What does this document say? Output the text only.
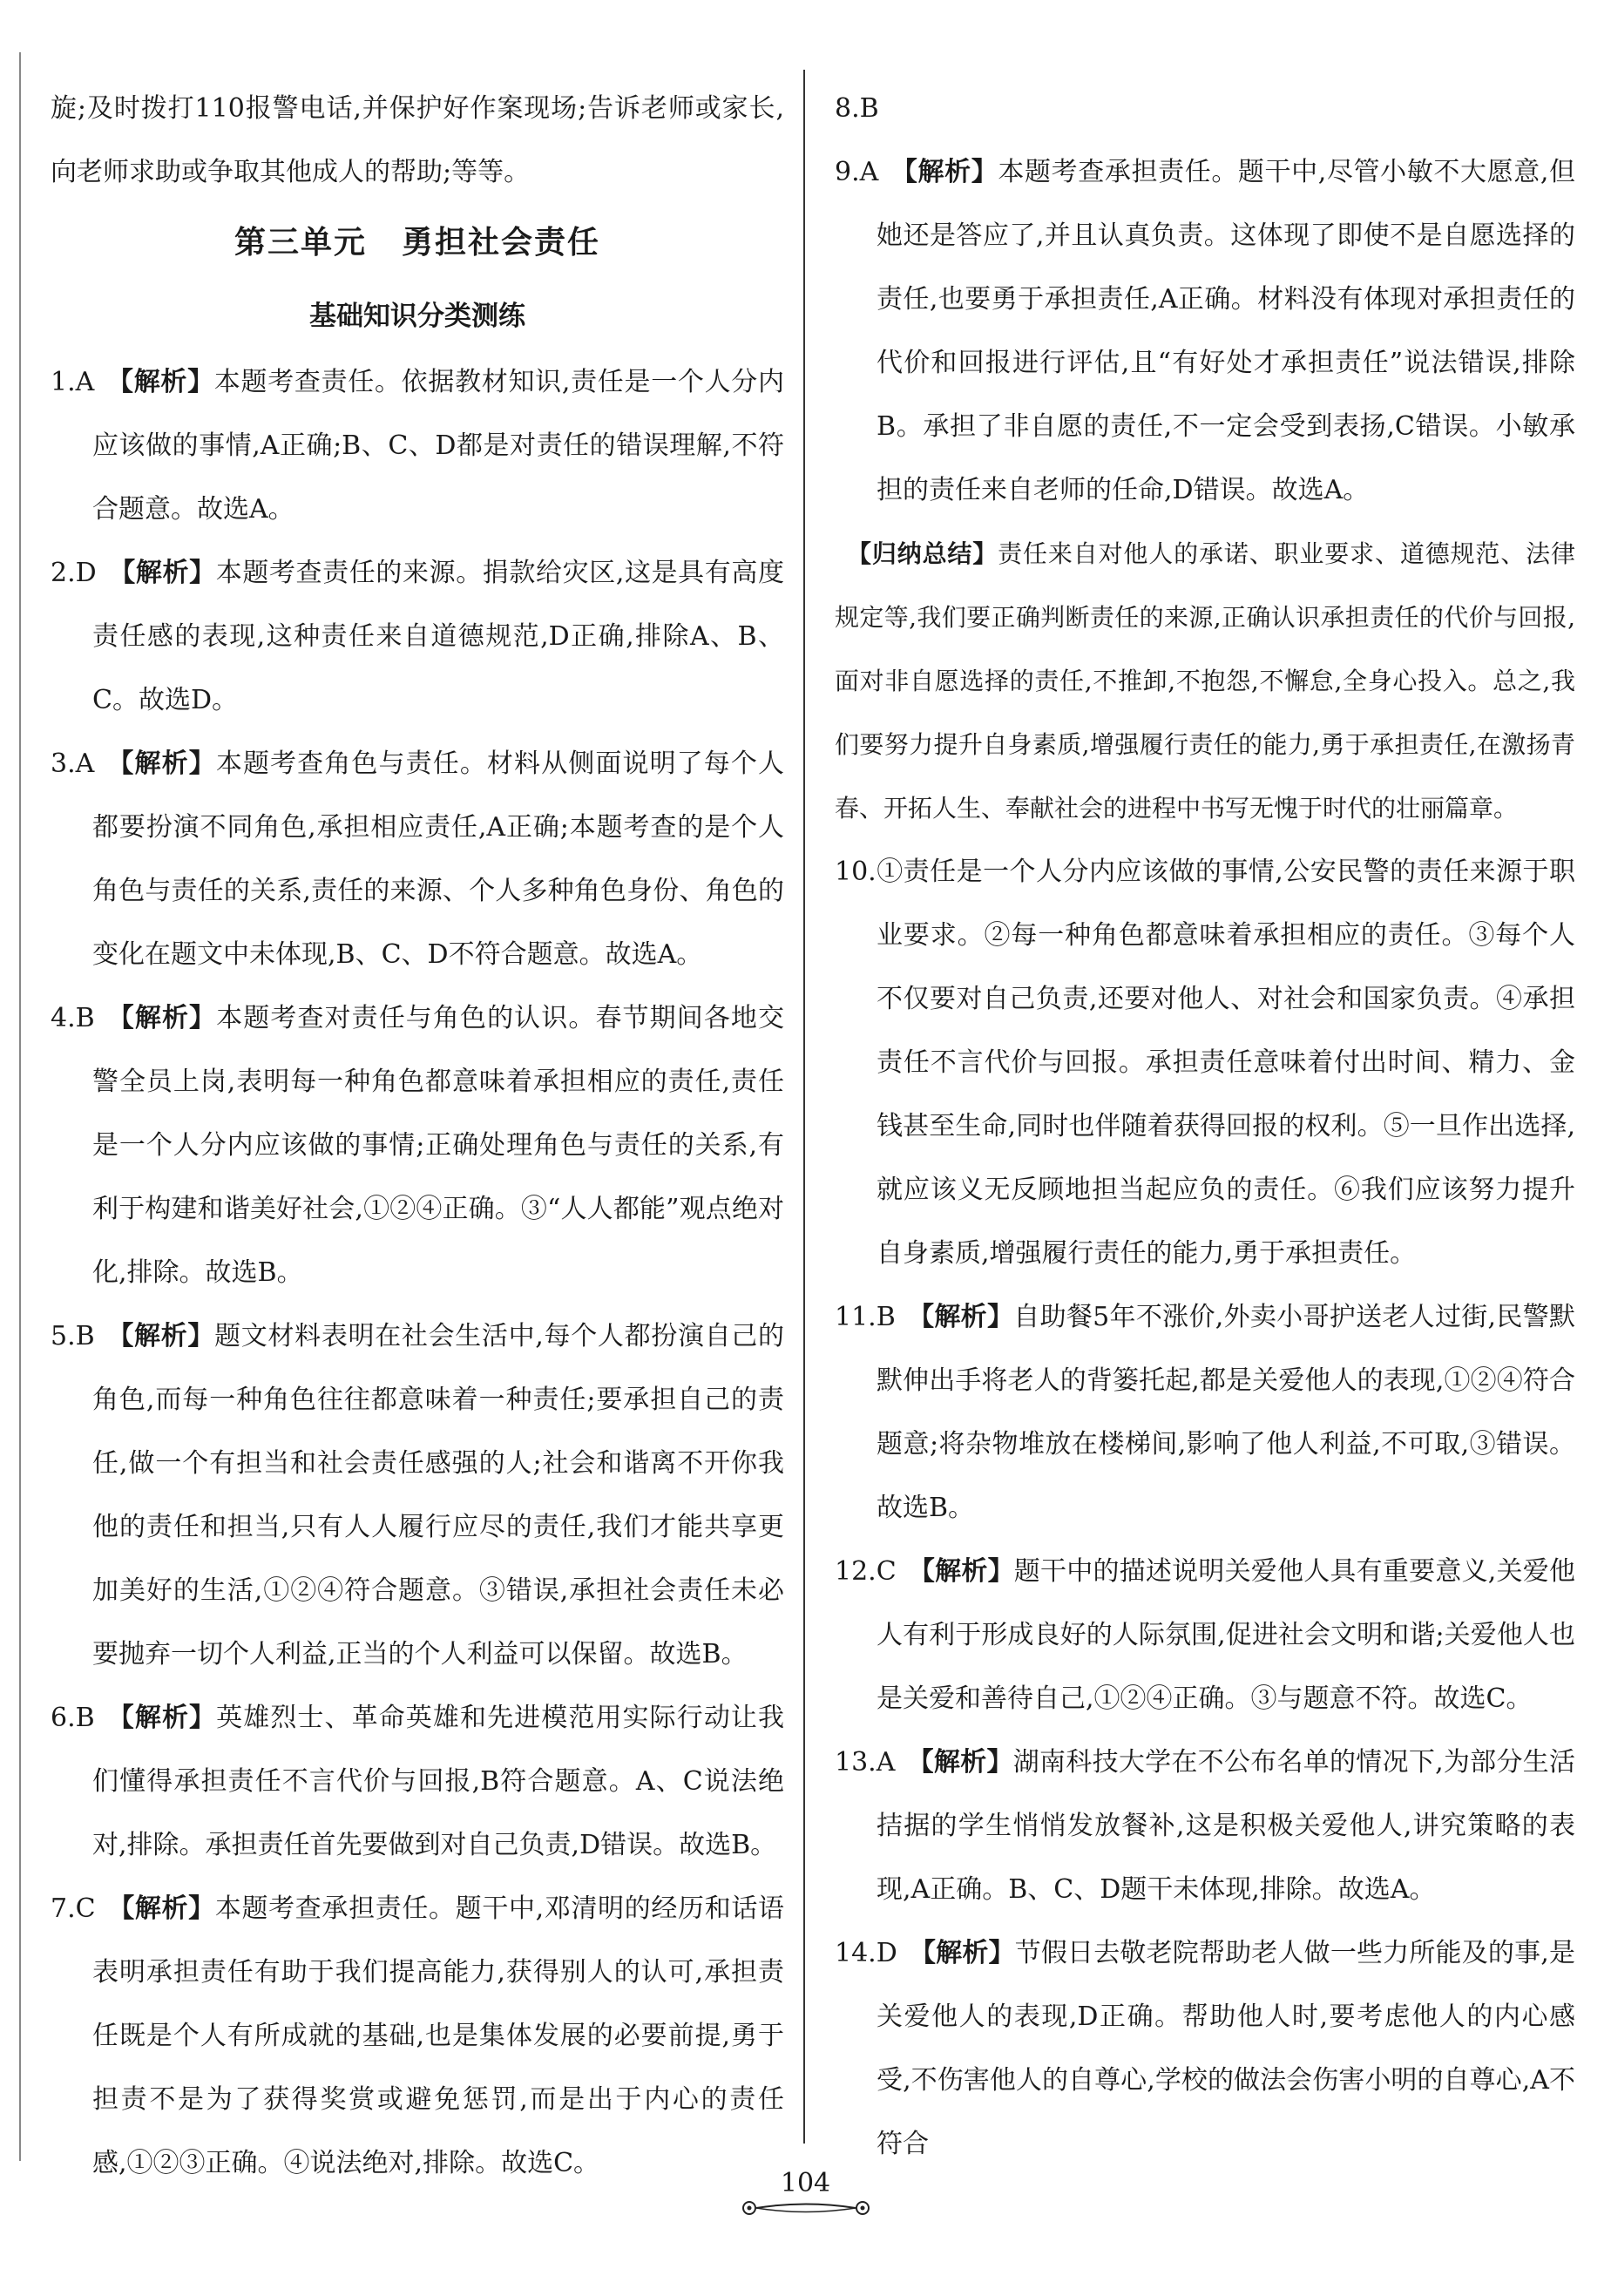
旋;及时拨打110报警电话,并保护好作案现场;告诉老师或家长,向老师求助或争取其他成人的帮助;等等。

第三单元 勇担社会责任

基础知识分类测练

1.A 【解析】本题考查责任。依据教材知识,责任是一个人分内应该做的事情,A正确;B、C、D都是对责任的错误理解,不符合题意。故选A。

2.D 【解析】本题考查责任的来源。捐款给灾区,这是具有高度责任感的表现,这种责任来自道德规范,D正确,排除A、B、C。故选D。

3.A 【解析】本题考查角色与责任。材料从侧面说明了每个人都要扮演不同角色,承担相应责任,A正确;本题考查的是个人角色与责任的关系,责任的来源、个人多种角色身份、角色的变化在题文中未体现,B、C、D不符合题意。故选A。

4.B 【解析】本题考查对责任与角色的认识。春节期间各地交警全员上岗,表明每一种角色都意味着承担相应的责任,责任是一个人分内应该做的事情;正确处理角色与责任的关系,有利于构建和谐美好社会,①②④正确。③“人人都能”观点绝对化,排除。故选B。

5.B 【解析】题文材料表明在社会生活中,每个人都扮演自己的角色,而每一种角色往往都意味着一种责任;要承担自己的责任,做一个有担当和社会责任感强的人;社会和谐离不开你我他的责任和担当,只有人人履行应尽的责任,我们才能共享更加美好的生活,①②④符合题意。③错误,承担社会责任未必要抛弃一切个人利益,正当的个人利益可以保留。故选B。

6.B 【解析】英雄烈士、革命英雄和先进模范用实际行动让我们懂得承担责任不言代价与回报,B符合题意。A、C说法绝对,排除。承担责任首先要做到对自己负责,D错误。故选B。

7.C 【解析】本题考查承担责任。题干中,邓清明的经历和话语表明承担责任有助于我们提高能力,获得别人的认可,承担责任既是个人有所成就的基础,也是集体发展的必要前提,勇于担责不是为了获得奖赏或避免惩罚,而是出于内心的责任感,①②③正确。④说法绝对,排除。故选C。

8.B

9.A 【解析】本题考查承担责任。题干中,尽管小敏不大愿意,但她还是答应了,并且认真负责。这体现了即使不是自愿选择的责任,也要勇于承担责任,A正确。材料没有体现对承担责任的代价和回报进行评估,且“有好处才承担责任”说法错误,排除B。承担了非自愿的责任,不一定会受到表扬,C错误。小敏承担的责任来自老师的任命,D错误。故选A。

【归纳总结】责任来自对他人的承诺、职业要求、道德规范、法律规定等,我们要正确判断责任的来源,正确认识承担责任的代价与回报,面对非自愿选择的责任,不推卸,不抱怨,不懈怠,全身心投入。总之,我们要努力提升自身素质,增强履行责任的能力,勇于承担责任,在激扬青春、开拓人生、奉献社会的进程中书写无愧于时代的壮丽篇章。

10.①责任是一个人分内应该做的事情,公安民警的责任来源于职业要求。②每一种角色都意味着承担相应的责任。③每个人不仅要对自己负责,还要对他人、对社会和国家负责。④承担责任不言代价与回报。承担责任意味着付出时间、精力、金钱甚至生命,同时也伴随着获得回报的权利。⑤一旦作出选择,就应该义无反顾地担当起应负的责任。⑥我们应该努力提升自身素质,增强履行责任的能力,勇于承担责任。

11.B 【解析】自助餐5年不涨价,外卖小哥护送老人过街,民警默默伸出手将老人的背篓托起,都是关爱他人的表现,①②④符合题意;将杂物堆放在楼梯间,影响了他人利益,不可取,③错误。故选B。

12.C 【解析】题干中的描述说明关爱他人具有重要意义,关爱他人有利于形成良好的人际氛围,促进社会文明和谐;关爱他人也是关爱和善待自己,①②④正确。③与题意不符。故选C。

13.A 【解析】湖南科技大学在不公布名单的情况下,为部分生活拮据的学生悄悄发放餐补,这是积极关爱他人,讲究策略的表现,A正确。B、C、D题干未体现,排除。故选A。

14.D 【解析】节假日去敬老院帮助老人做一些力所能及的事,是关爱他人的表现,D正确。帮助他人时,要考虑他人的内心感受,不伤害他人的自尊心,学校的做法会伤害小明的自尊心,A不符合

104
